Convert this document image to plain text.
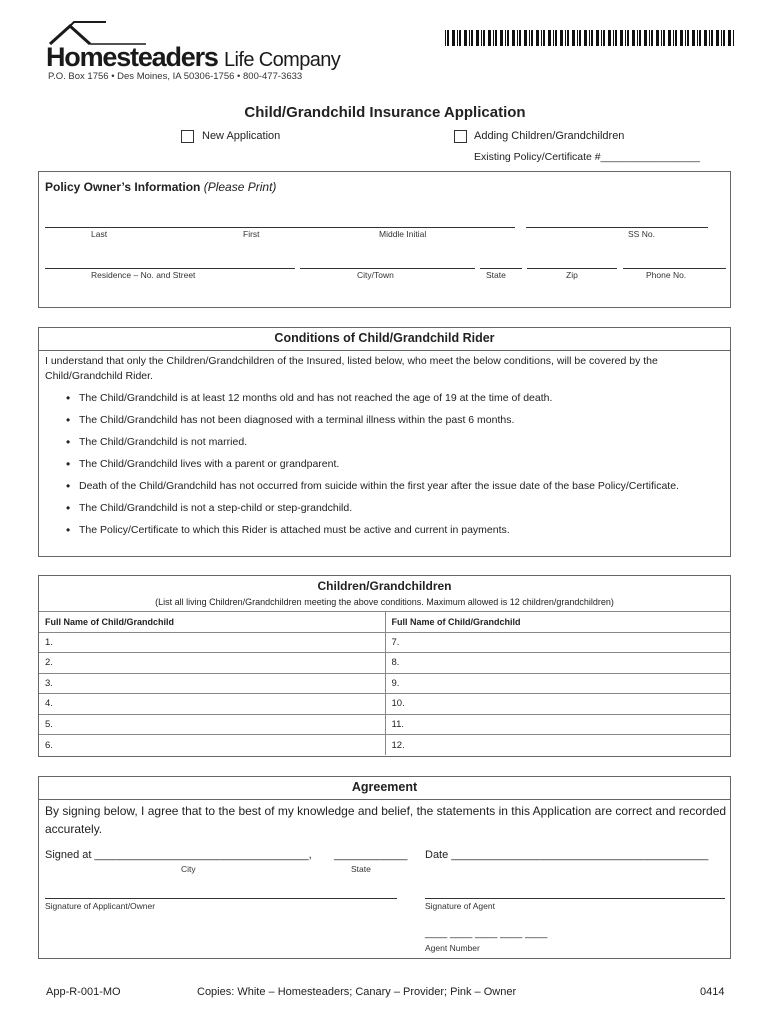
Homesteaders Life Company
P.O. Box 1756 • Des Moines, IA 50306-1756 • 800-477-3633
Child/Grandchild Insurance Application
New Application	Adding Children/Grandchildren
Existing Policy/Certificate #_________________
Policy Owner’s Information (Please Print)
Last	First	Middle Initial	SS No.
Residence – No. and Street	City/Town	State	Zip	Phone No.
Conditions of Child/Grandchild Rider
I understand that only the Children/Grandchildren of the Insured, listed below, who meet the below conditions, will be covered by the Child/Grandchild Rider.
• The Child/Grandchild is at least 12 months old and has not reached the age of 19 at the time of death.
• The Child/Grandchild has not been diagnosed with a terminal illness within the past 6 months.
• The Child/Grandchild is not married.
• The Child/Grandchild lives with a parent or grandparent.
• Death of the Child/Grandchild has not occurred from suicide within the first year after the issue date of the base Policy/Certificate.
• The Child/Grandchild is not a step-child or step-grandchild.
• The Policy/Certificate to which this Rider is attached must be active and current in payments.
Children/Grandchildren
(List all living Children/Grandchildren meeting the above conditions. Maximum allowed is 12 children/grandchildren)
Full Name of Child/Grandchild	Full Name of Child/Grandchild
1.	7.
2.	8.
3.	9.
4.	10.
5.	11.
6.	12.
Agreement
By signing below, I agree that to the best of my knowledge and belief, the statements in this Application are correct and recorded accurately.
Signed at ___________________________________, ____________
City	State
Date __________________________________________
Signature of Applicant/Owner	Signature of Agent
____ ____ ____ ____ ____
Agent Number
App-R-001-MO	Copies: White – Homesteaders; Canary – Provider; Pink – Owner	0414
